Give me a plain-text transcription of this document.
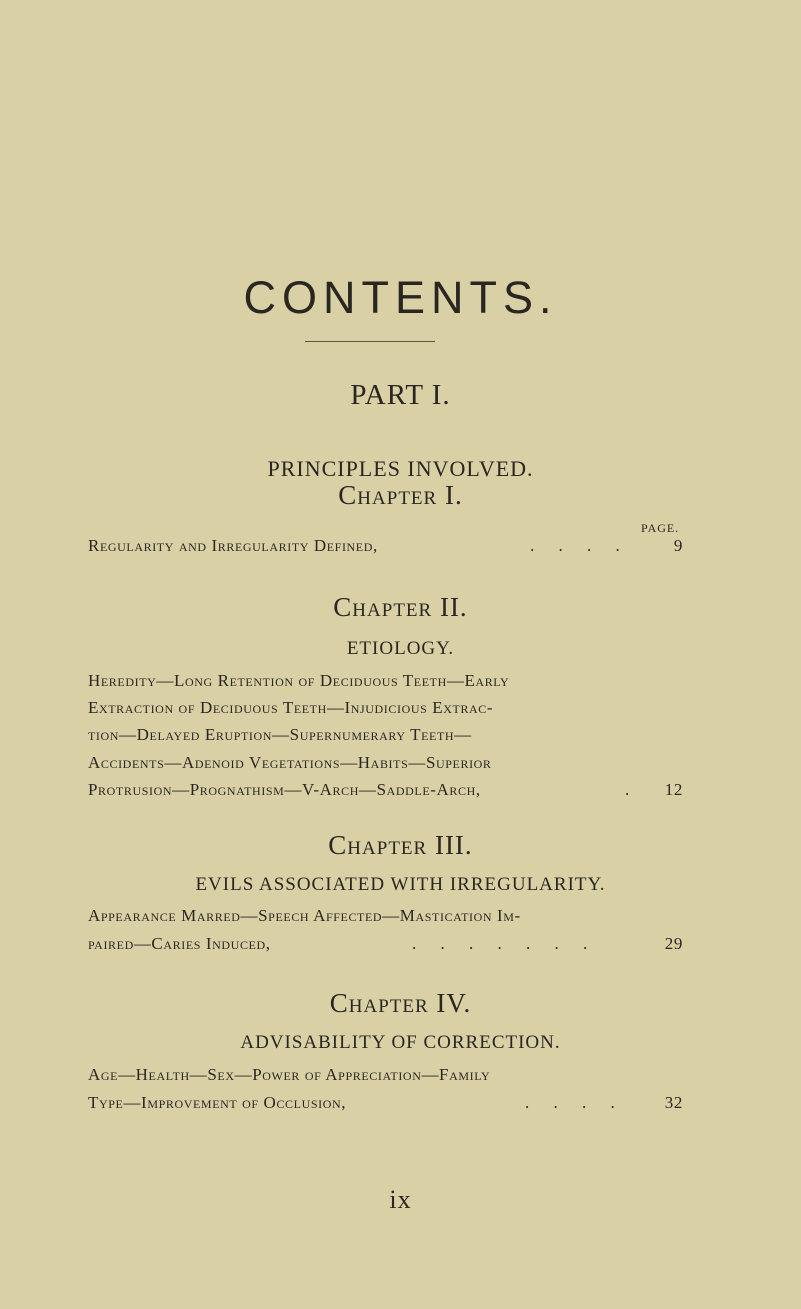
CONTENTS.
PART I.
PRINCIPLES INVOLVED.
Chapter I.
PAGE.
Regularity and Irregularity Defined,	. . . .	9
Chapter II.
ETIOLOGY.
Heredity—Long Retention of Deciduous Teeth—Early
Extraction of Deciduous Teeth—Injudicious Extrac-
tion—Delayed Eruption—Supernumerary Teeth—
Accidents—Adenoid Vegetations—Habits—Superior
Protrusion—Prognathism—V-Arch—Saddle-Arch,	. 12
Chapter III.
EVILS ASSOCIATED WITH IRREGULARITY.
Appearance Marred—Speech Affected—Mastication Im-
paired—Caries Induced,	. . . . . . .	29
Chapter IV.
ADVISABILITY OF CORRECTION.
Age—Health—Sex—Power of Appreciation—Family
Type—Improvement of Occlusion,	. . . . 32
ix
